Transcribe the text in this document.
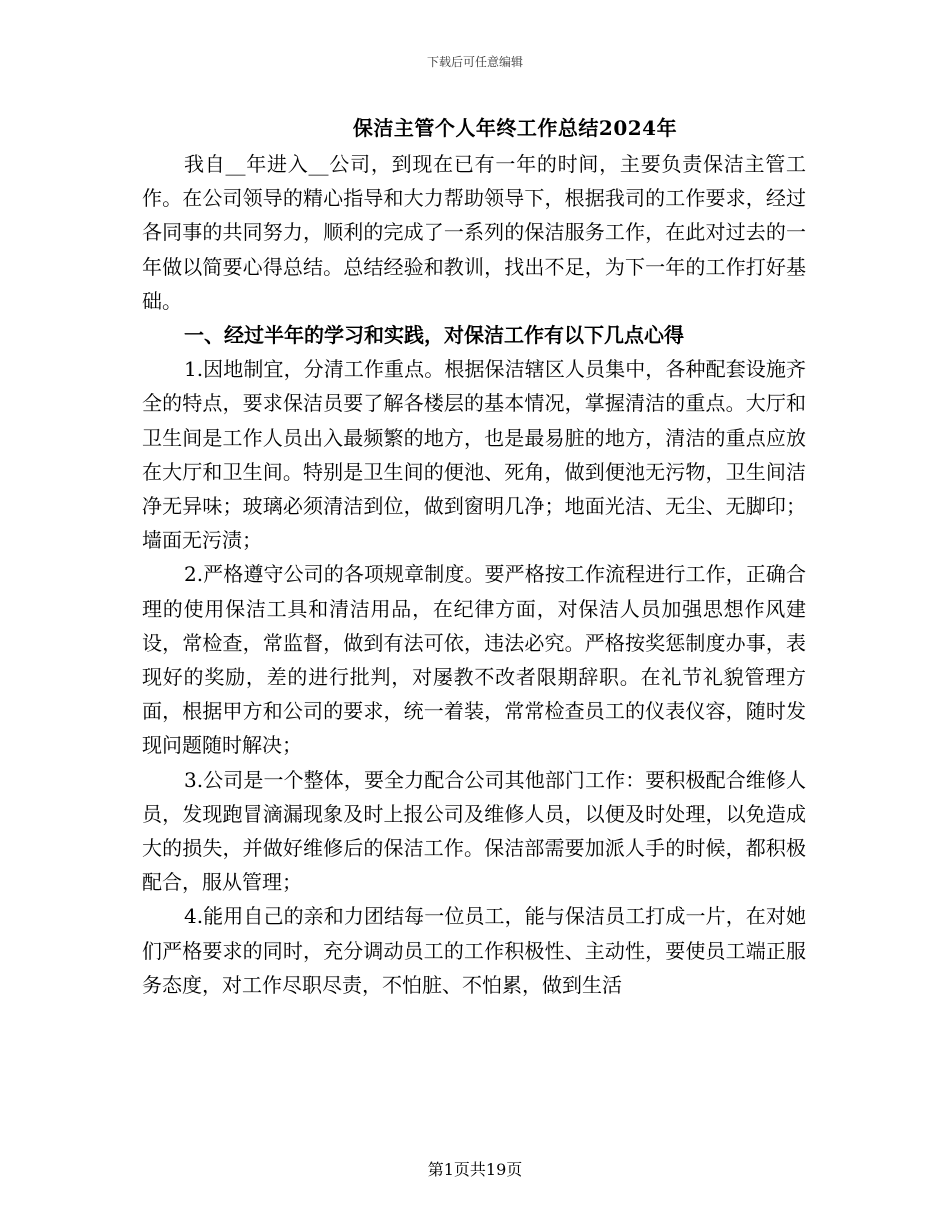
下载后可任意编辑
保洁主管个人年终工作总结2024年

我自__年进入__公司，到现在已有一年的时间，主要负责保洁主管工作。在公司领导的精心指导和大力帮助领导下，根据我司的工作要求，经过各同事的共同努力，顺利的完成了一系列的保洁服务工作，在此对过去的一年做以简要心得总结。总结经验和教训，找出不足，为下一年的工作打好基础。

一、经过半年的学习和实践，对保洁工作有以下几点心得

1.因地制宜，分清工作重点。根据保洁辖区人员集中，各种配套设施齐全的特点，要求保洁员要了解各楼层的基本情况，掌握清洁的重点。大厅和卫生间是工作人员出入最频繁的地方，也是最易脏的地方，清洁的重点应放在大厅和卫生间。特别是卫生间的便池、死角，做到便池无污物，卫生间洁净无异味；玻璃必须清洁到位，做到窗明几净；地面光洁、无尘、无脚印；墙面无污渍；

2.严格遵守公司的各项规章制度。要严格按工作流程进行工作，正确合理的使用保洁工具和清洁用品，在纪律方面，对保洁人员加强思想作风建设，常检查，常监督，做到有法可依，违法必究。严格按奖惩制度办事，表现好的奖励，差的进行批判，对屡教不改者限期辞职。在礼节礼貌管理方面，根据甲方和公司的要求，统一着装，常常检查员工的仪表仪容，随时发现问题随时解决；

3.公司是一个整体，要全力配合公司其他部门工作：要积极配合维修人员，发现跑冒滴漏现象及时上报公司及维修人员，以便及时处理，以免造成大的损失，并做好维修后的保洁工作。保洁部需要加派人手的时候，都积极配合，服从管理；

4.能用自己的亲和力团结每一位员工，能与保洁员工打成一片，在对她们严格要求的同时，充分调动员工的工作积极性、主动性，要使员工端正服务态度，对工作尽职尽责，不怕脏、不怕累，做到生活

第1页共19页
